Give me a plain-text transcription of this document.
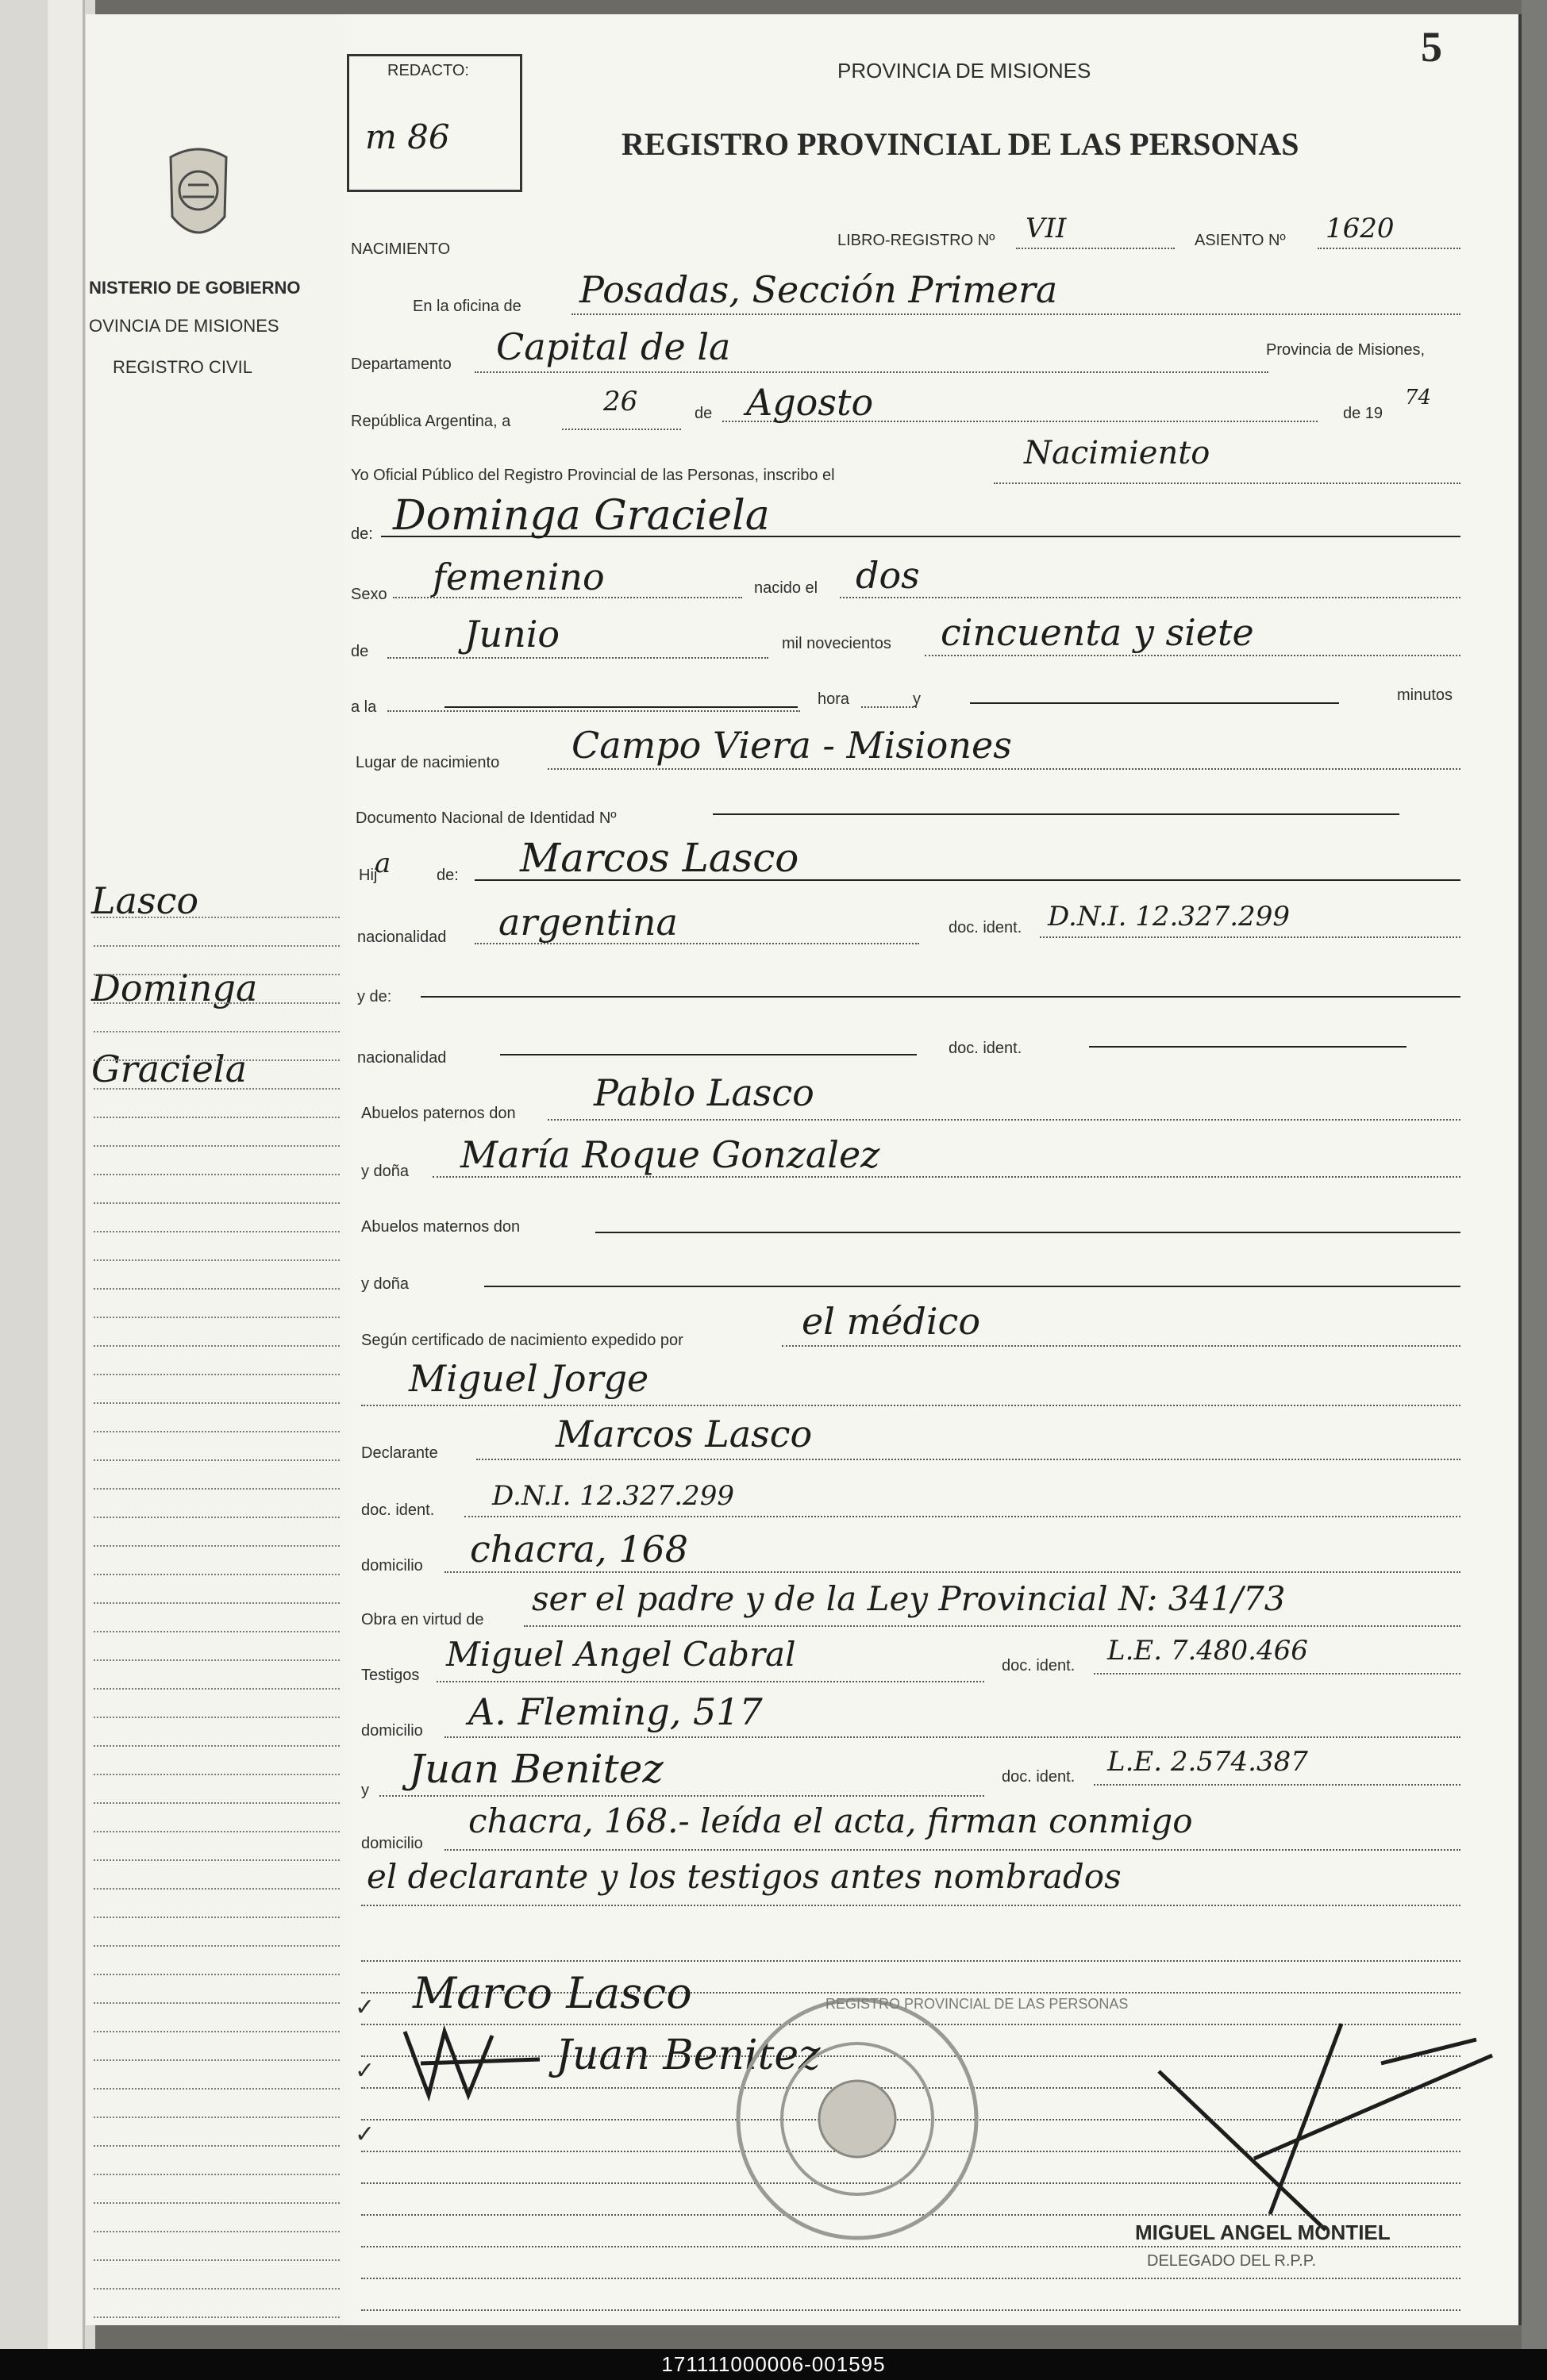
NISTERIO DE GOBIERNO
OVINCIA DE MISIONES
REGISTRO CIVIL
Lasco
Dominga
Graciela
REDACTO:
m 86
PROVINCIA DE MISIONES
REGISTRO PROVINCIAL DE LAS PERSONAS
5
NACIMIENTO	LIBRO-REGISTRO Nº VII	ASIENTO Nº 1620
En la oficina de Posadas, Sección Primera
Departamento Capital de la	Provincia de Misiones,
República Argentina, a
26	de Agosto	de 19
74
Yo Oficial Público del Registro Provincial de las Personas, inscribo el
Nacimiento
de: Dominga Graciela
Sexo femenino	nacido el dos
de	Junio	mil novecientos cincuenta y siete
a la	hora	y	minutos
Lugar de nacimiento Campo Viera - Misiones
Documento Nacional de Identidad Nº
Hij
a	de: Marcos Lasco
nacionalidad argentina	doc. ident. D.N.I. 12.327.299
y de:
nacionalidad
doc. ident.
Abuelos paternos don Pablo Lasco
y doña María Roque Gonzalez
Abuelos maternos don
y doña
Según certificado de nacimiento expedido por	el médico
Miguel Jorge
Declarante	Marcos Lasco
doc. ident. D.N.I. 12.327.299
domicilio chacra, 168
Obra en virtud de
ser el padre y de la Ley Provincial N: 341/73
Testigos
Miguel Angel Cabral	doc. ident. L.E. 7.480.466
domicilio A. Fleming, 517
y Juan Benitez	doc. ident. L.E. 2.574.387
domicilio
chacra, 168.- leída el acta, firman conmigo
el declarante y los testigos antes nombrados
✓
✓
✓
Marco Lasco
Juan Benitez
REGISTRO PROVINCIAL DE LAS PERSONAS
MIGUEL ANGEL MONTIEL
DELEGADO DEL R.P.P.
171111000006-001595
